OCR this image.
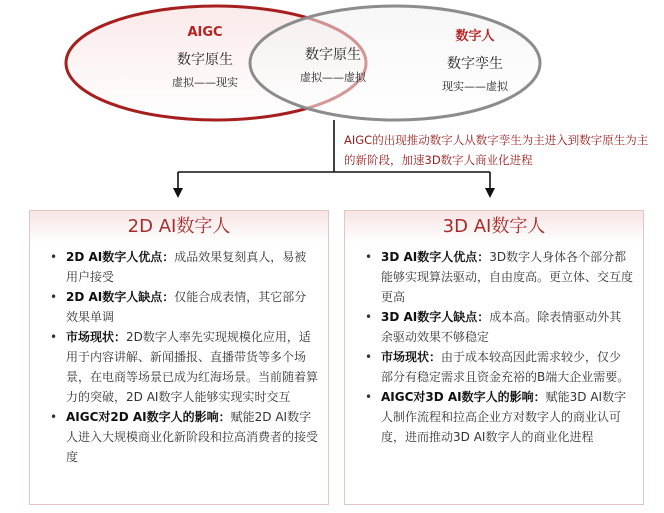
AIGC
数字原生
虚拟——现实
数字原生
虚拟——虚拟
数字人
数字孪生
现实——虚拟
AIGC的出现推动数字人从数字孪生为主进入到数字原生为主的新阶段，加速3D数字人商业化进程
2D AI数字人
• 2D AI数字人优点：成品效果复刻真人，易被用户接受
• 2D AI数字人缺点：仅能合成表情，其它部分效果单调
• 市场现状：2D数字人率先实现规模化应用，适用于内容讲解、新闻播报、直播带货等多个场景，在电商等场景已成为红海场景。当前随着算力的突破，2D AI数字人能够实现实时交互
• AIGC对2D AI数字人的影响：赋能2D AI数字人进入大规模商业化新阶段和拉高消费者的接受度
3D AI数字人
• 3D AI数字人优点：3D数字人身体各个部分都能够实现算法驱动，自由度高。更立体、交互度更高
• 3D AI数字人缺点：成本高。除表情驱动外其余驱动效果不够稳定
• 市场现状：由于成本较高因此需求较少，仅少部分有稳定需求且资金充裕的B端大企业需要。
• AIGC对3D AI数字人的影响：赋能3D AI数字人制作流程和拉高企业方对数字人的商业认可度，进而推动3D AI数字人的商业化进程
